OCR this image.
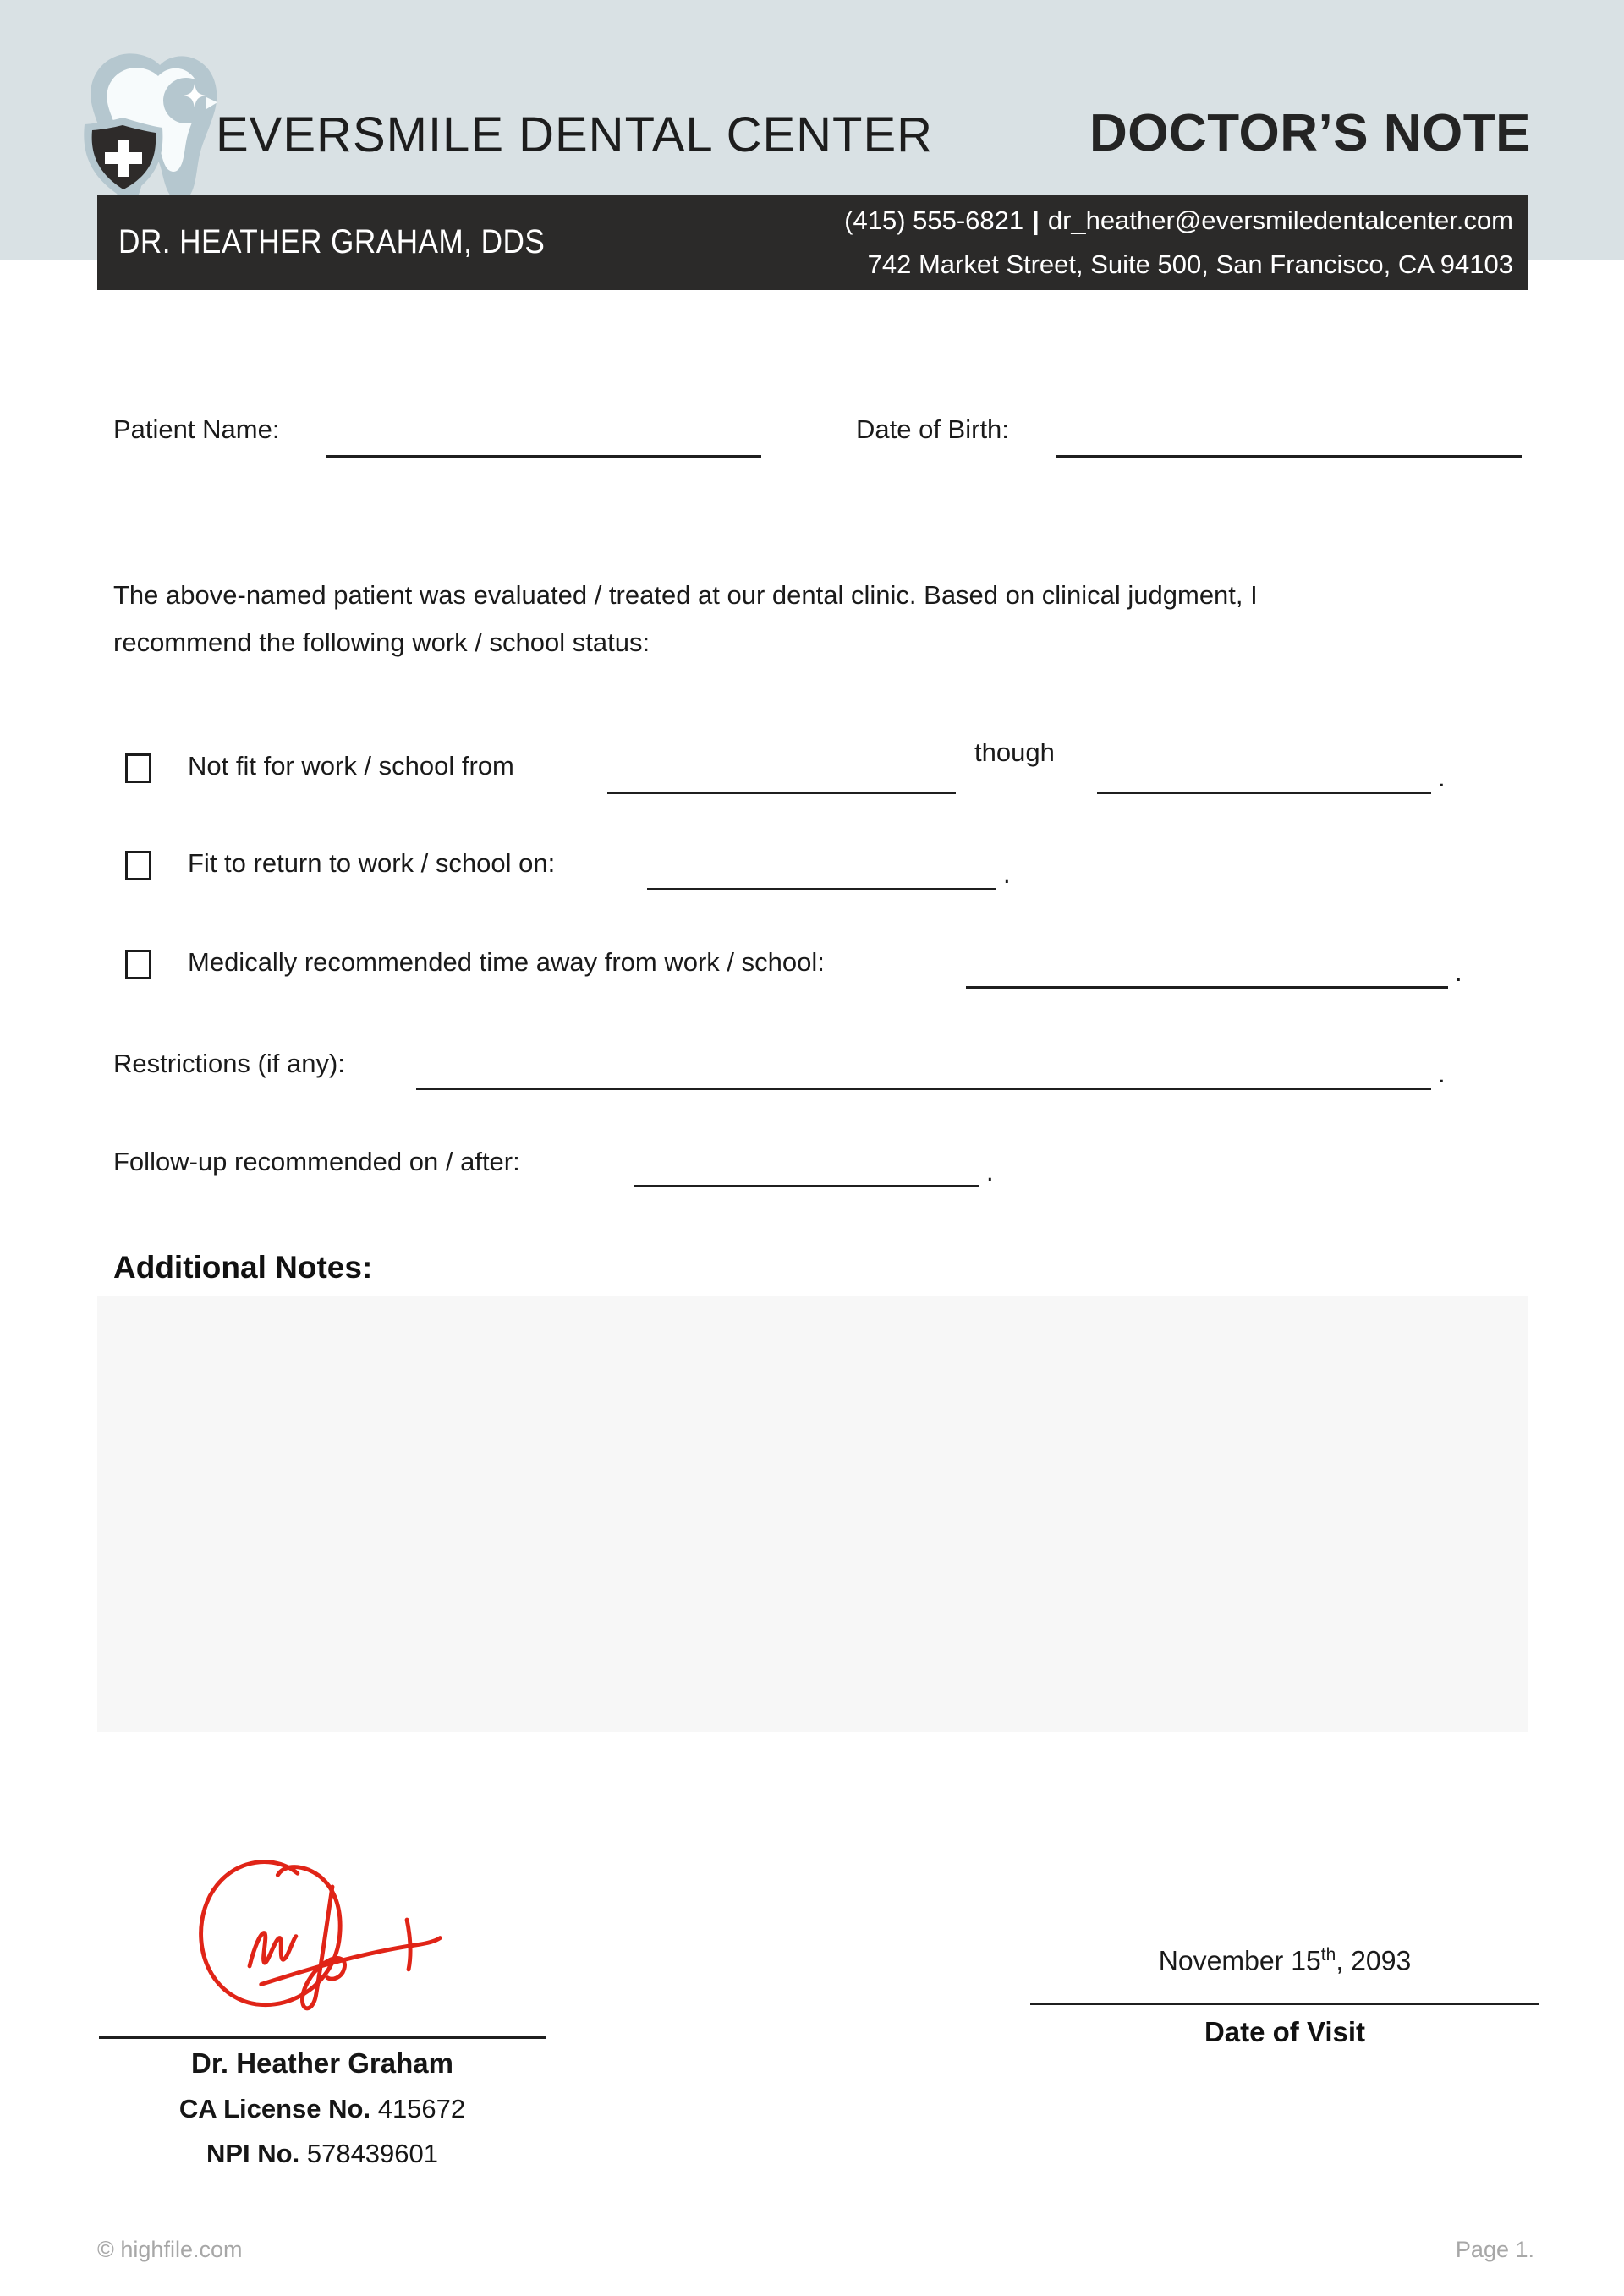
EVERSMILE DENTAL CENTER	DOCTOR’S NOTE
DR. HEATHER GRAHAM, DDS
(415) 555-6821 | dr_heather@eversmiledentalcenter.com
742 Market Street, Suite 500, San Francisco, CA 94103
Patient Name:	Date of Birth:
The above-named patient was evaluated / treated at our dental clinic. Based on clinical judgment, I
recommend the following work / school status:
Not fit for work / school from	though
.
Fit to return to work / school on:	.
Medically recommended time away from work / school:	.
Restrictions (if any):	.
Follow-up recommended on / after:	.
Additional Notes:
Dr. Heather Graham
CA License No. 415672
NPI No. 578439601
November 15th, 2093
Date of Visit
© highfile.com	Page 1.
